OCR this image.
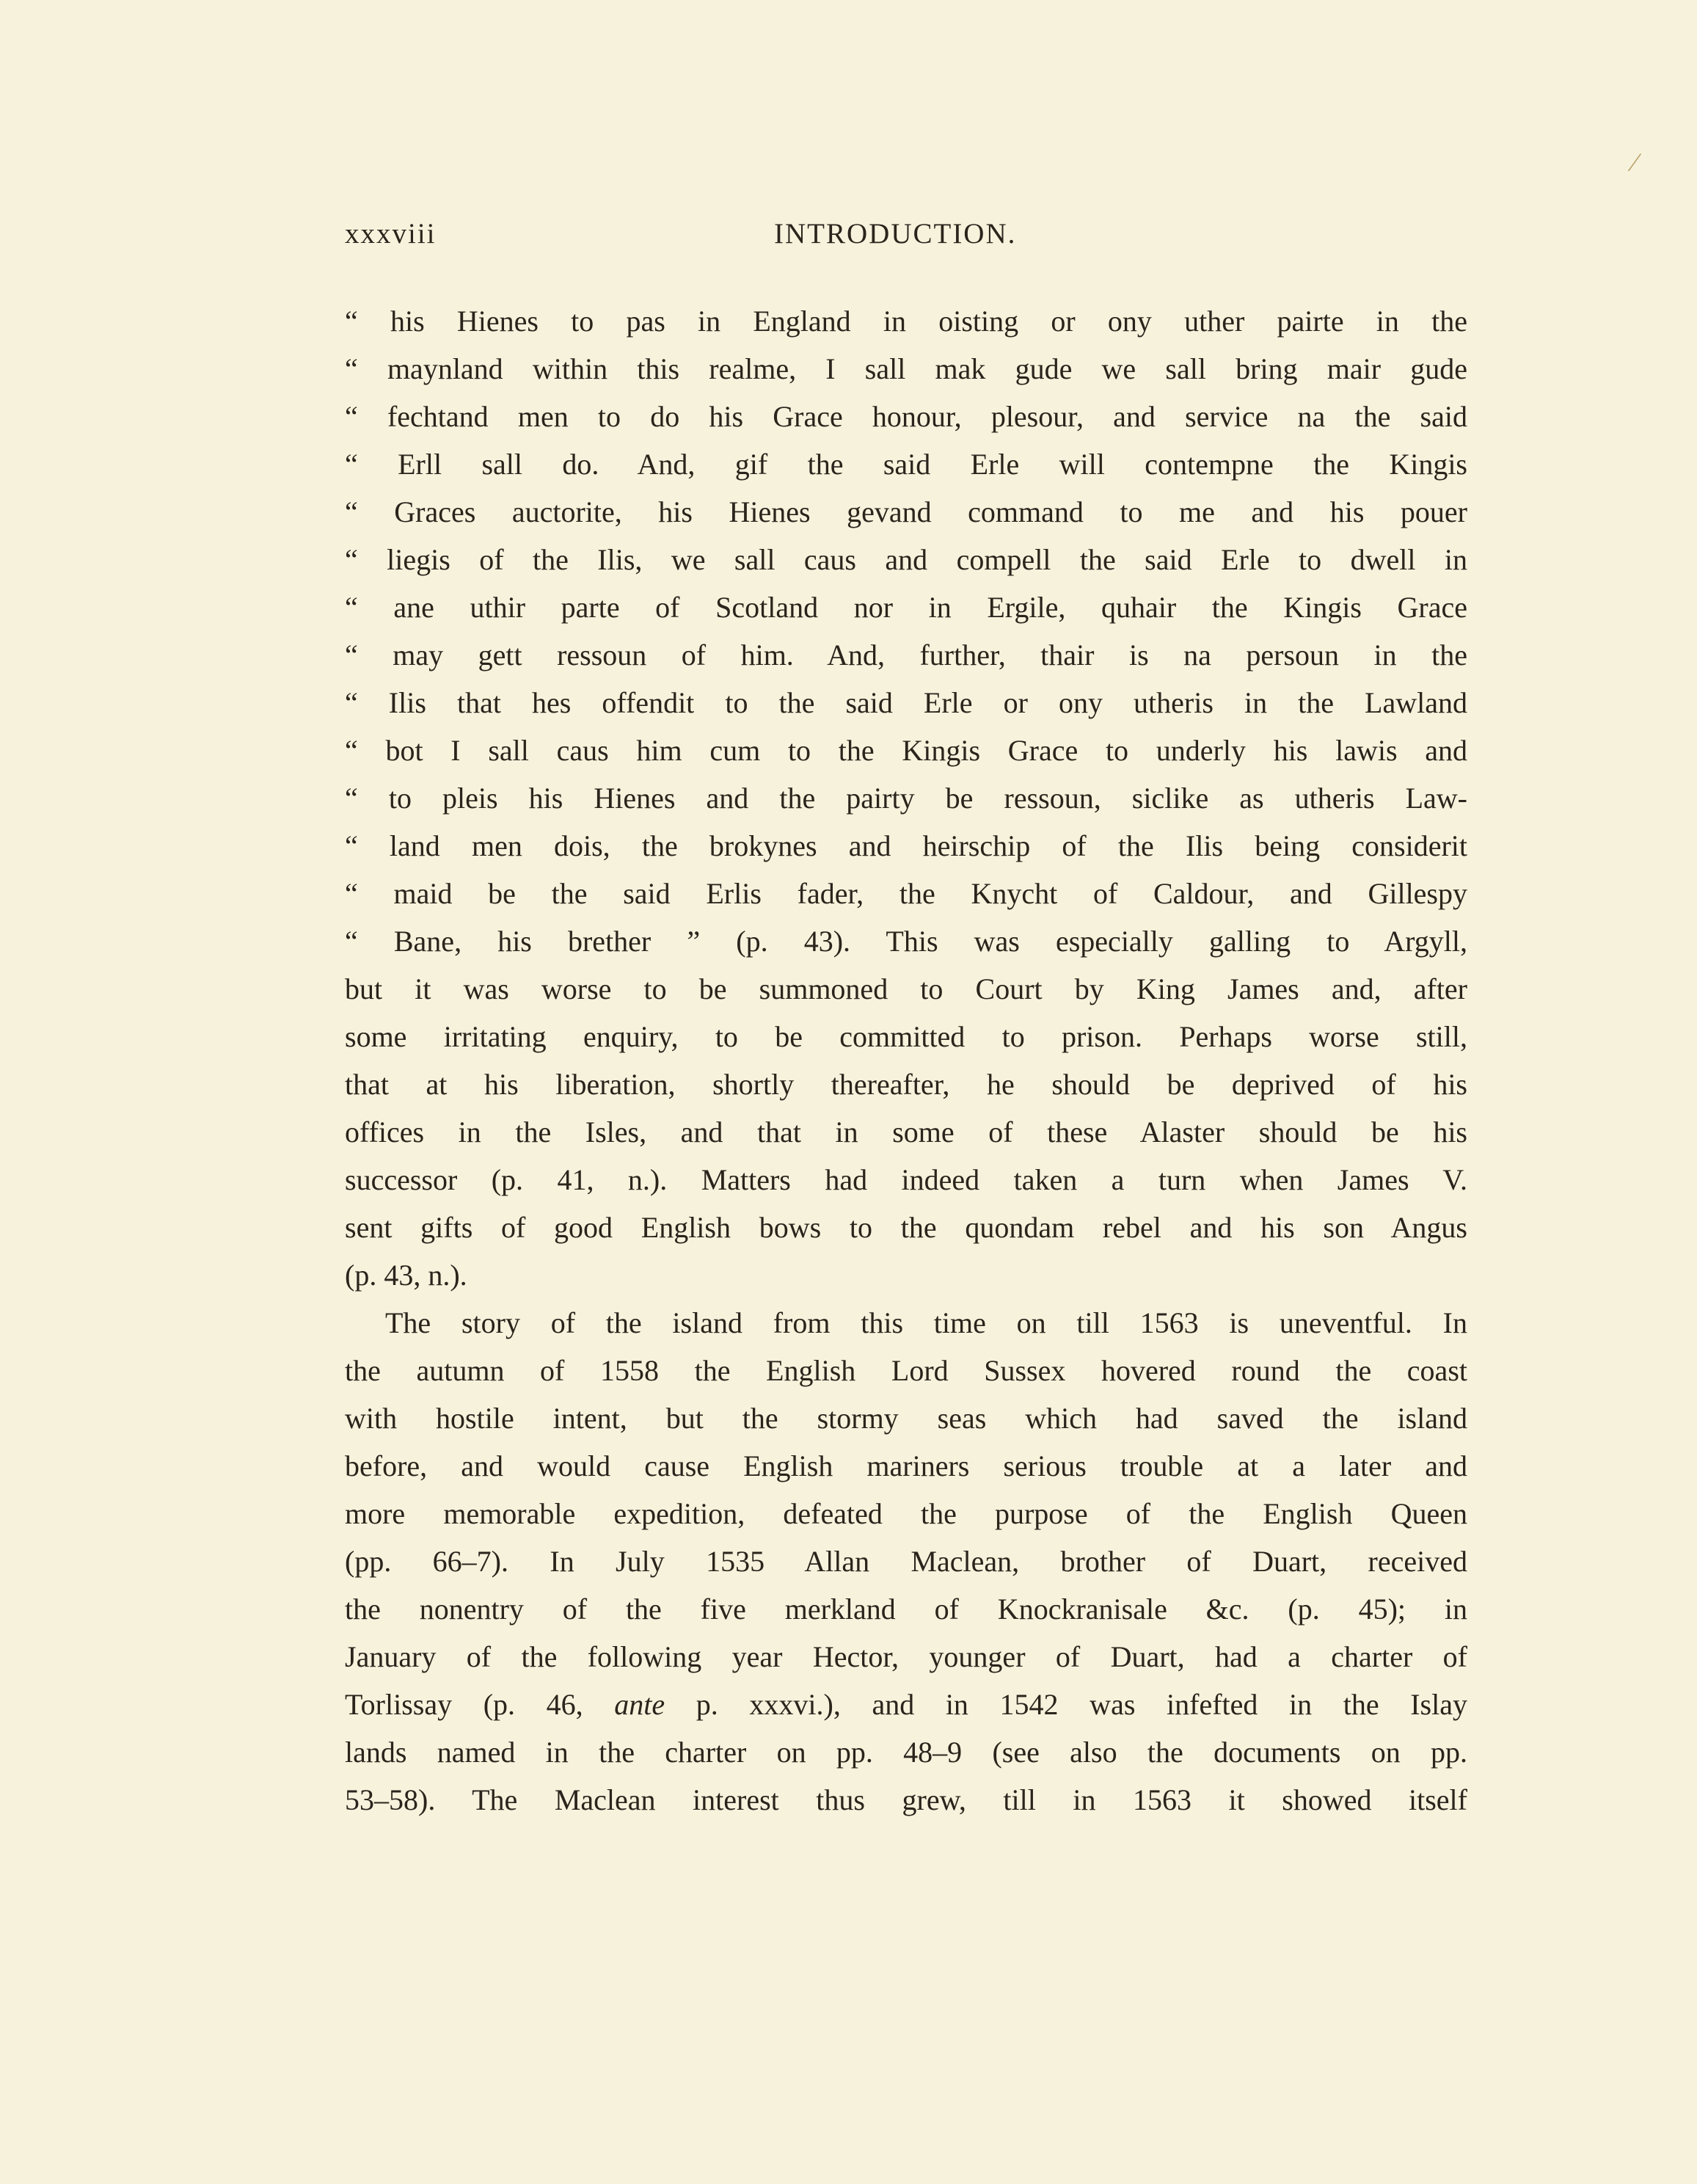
⁄
xxxviii	INTRODUCTION.
“ his Hienes to pas in England in oisting or ony uther pairte in the
“ maynland within this realme, I sall mak gude we sall bring mair gude
“ fechtand men to do his Grace honour, plesour, and service na the said
“ Erll sall do. And, gif the said Erle will contempne the Kingis
“ Graces auctorite, his Hienes gevand command to me and his pouer
“ liegis of the Ilis, we sall caus and compell the said Erle to dwell in
“ ane uthir parte of Scotland nor in Ergile, quhair the Kingis Grace
“ may gett ressoun of him. And, further, thair is na persoun in the
“ Ilis that hes offendit to the said Erle or ony utheris in the Lawland
“ bot I sall caus him cum to the Kingis Grace to underly his lawis and
“ to pleis his Hienes and the pairty be ressoun, siclike as utheris Law-
“ land men dois, the brokynes and heirschip of the Ilis being considerit
“ maid be the said Erlis fader, the Knycht of Caldour, and Gillespy
“ Bane, his brether ” (p. 43). This was especially galling to Argyll,
but it was worse to be summoned to Court by King James and, after
some irritating enquiry, to be committed to prison. Perhaps worse still,
that at his liberation, shortly thereafter, he should be deprived of his
offices in the Isles, and that in some of these Alaster should be his
successor (p. 41, n.). Matters had indeed taken a turn when James V.
sent gifts of good English bows to the quondam rebel and his son Angus
(p. 43, n.).
The story of the island from this time on till 1563 is uneventful. In
the autumn of 1558 the English Lord Sussex hovered round the coast
with hostile intent, but the stormy seas which had saved the island
before, and would cause English mariners serious trouble at a later and
more memorable expedition, defeated the purpose of the English Queen
(pp. 66–7). In July 1535 Allan Maclean, brother of Duart, received
the nonentry of the five merkland of Knockranisale &c. (p. 45); in
January of the following year Hector, younger of Duart, had a charter of
Torlissay (p. 46, ante p. xxxvi.), and in 1542 was infefted in the Islay
lands named in the charter on pp. 48–9 (see also the documents on pp.
53–58). The Maclean interest thus grew, till in 1563 it showed itself
